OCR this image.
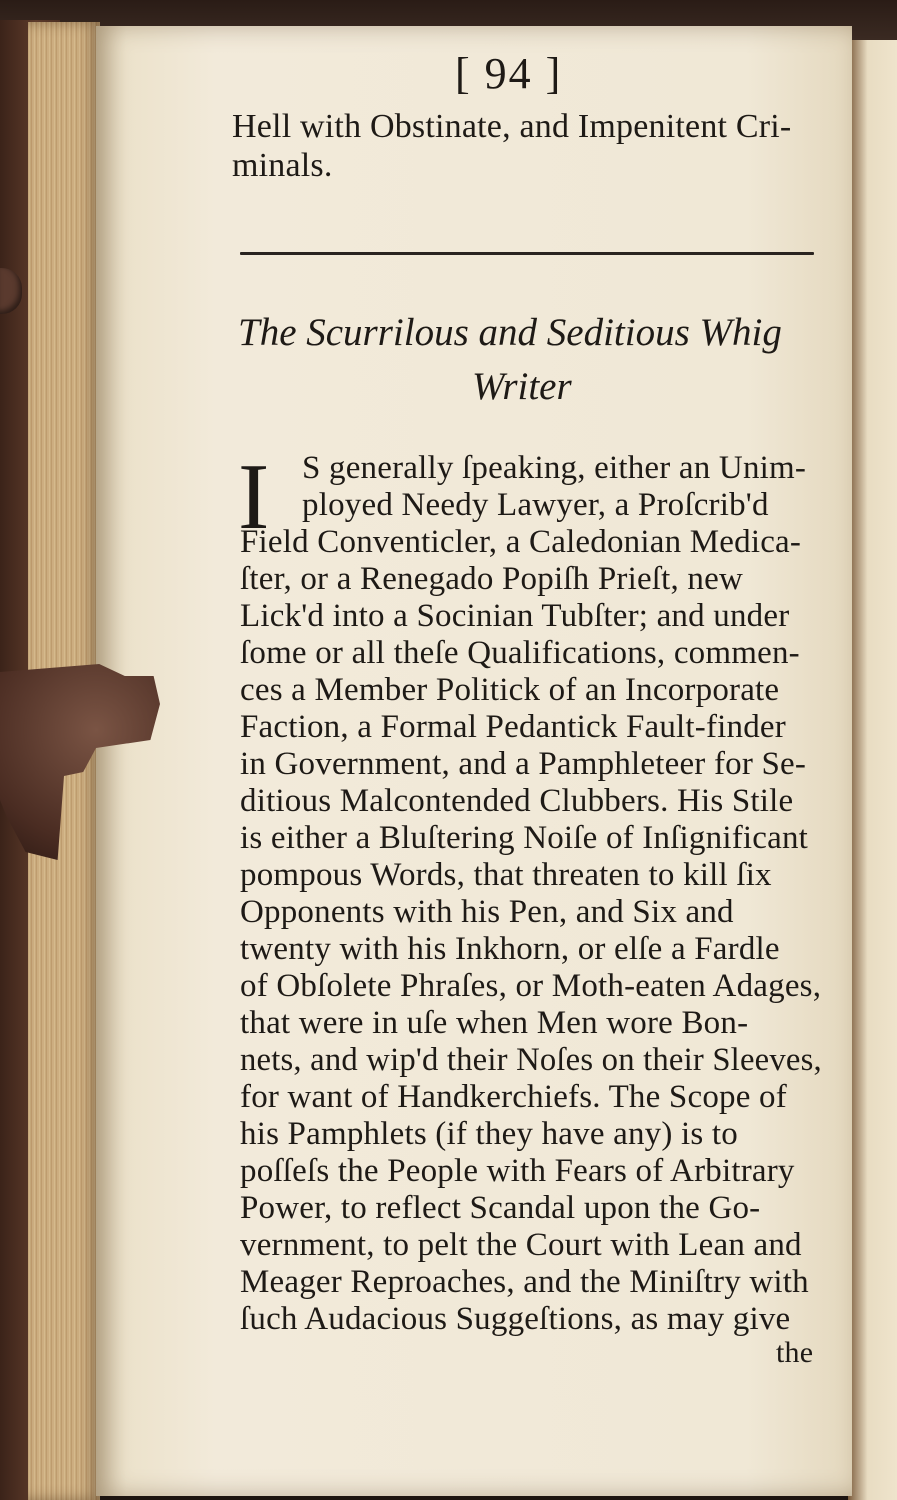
[ 94 ]

Hell with Obstinate, and Impenitent Cri-

minals.

The Scurrilous and Seditious Whig

Writer

I S generally ſpeaking, either an Unim-

ployed Needy Lawyer, a Proſcrib'd

Field Conventicler, a Caledonian Medica-

ſter, or a Renegado Popiſh Prieſt, new

Lick'd into a Socinian Tubſter; and under

ſome or all theſe Qualifications, commen-

ces a Member Politick of an Incorporate

Faction, a Formal Pedantick Fault-finder

in Government, and a Pamphleteer for Se-

ditious Malcontended Clubbers. His Stile

is either a Bluſtering Noiſe of Inſignificant

pompous Words, that threaten to kill ſix

Opponents with his Pen, and Six and

twenty with his Inkhorn, or elſe a Fardle

of Obſolete Phraſes, or Moth-eaten Adages,

that were in uſe when Men wore Bon-

nets, and wip'd their Noſes on their Sleeves,

for want of Handkerchiefs. The Scope of

his Pamphlets (if they have any) is to

poſſeſs the People with Fears of Arbitrary

Power, to reflect Scandal upon the Go-

vernment, to pelt the Court with Lean and

Meager Reproaches, and the Miniſtry with

ſuch Audacious Suggeſtions, as may give

the
